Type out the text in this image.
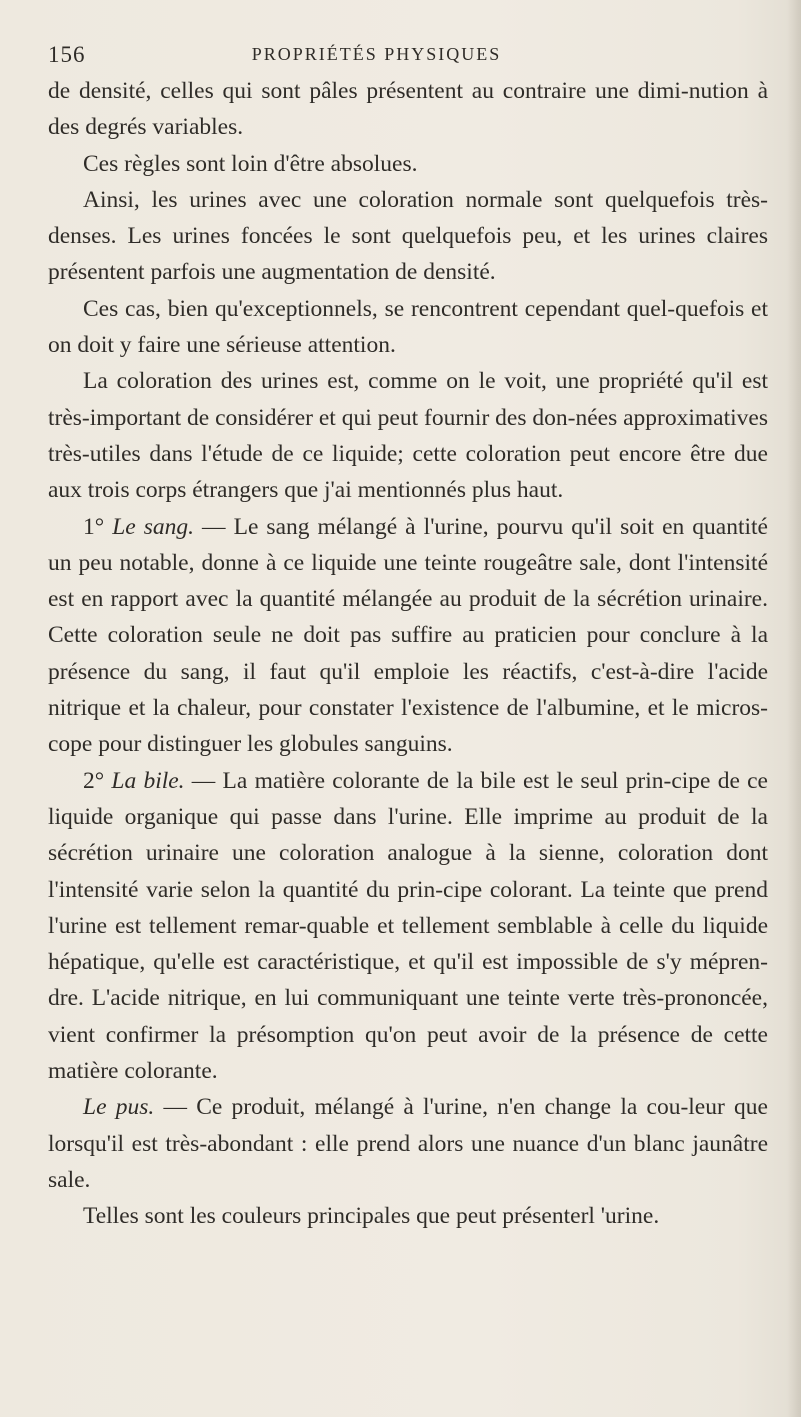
156	PROPRIÉTÉS PHYSIQUES

de densité, celles qui sont pâles présentent au contraire une dimi-nution à des degrés variables.

Ces règles sont loin d'être absolues.

Ainsi, les urines avec une coloration normale sont quelquefois très-denses. Les urines foncées le sont quelquefois peu, et les urines claires présentent parfois une augmentation de densité.

Ces cas, bien qu'exceptionnels, se rencontrent cependant quel-quefois et on doit y faire une sérieuse attention.

La coloration des urines est, comme on le voit, une propriété qu'il est très-important de considérer et qui peut fournir des don-nées approximatives très-utiles dans l'étude de ce liquide; cette coloration peut encore être due aux trois corps étrangers que j'ai mentionnés plus haut.

1° Le sang. — Le sang mélangé à l'urine, pourvu qu'il soit en quantité un peu notable, donne à ce liquide une teinte rougeâtre sale, dont l'intensité est en rapport avec la quantité mélangée au produit de la sécrétion urinaire. Cette coloration seule ne doit pas suffire au praticien pour conclure à la présence du sang, il faut qu'il emploie les réactifs, c'est-à-dire l'acide nitrique et la chaleur, pour constater l'existence de l'albumine, et le micros-cope pour distinguer les globules sanguins.

2° La bile. — La matière colorante de la bile est le seul prin-cipe de ce liquide organique qui passe dans l'urine. Elle imprime au produit de la sécrétion urinaire une coloration analogue à la sienne, coloration dont l'intensité varie selon la quantité du prin-cipe colorant. La teinte que prend l'urine est tellement remar-quable et tellement semblable à celle du liquide hépatique, qu'elle est caractéristique, et qu'il est impossible de s'y mépren-dre. L'acide nitrique, en lui communiquant une teinte verte très-prononcée, vient confirmer la présomption qu'on peut avoir de la présence de cette matière colorante.

Le pus. — Ce produit, mélangé à l'urine, n'en change la cou-leur que lorsqu'il est très-abondant : elle prend alors une nuance d'un blanc jaunâtre sale.

Telles sont les couleurs principales que peut présenterl 'urine.
